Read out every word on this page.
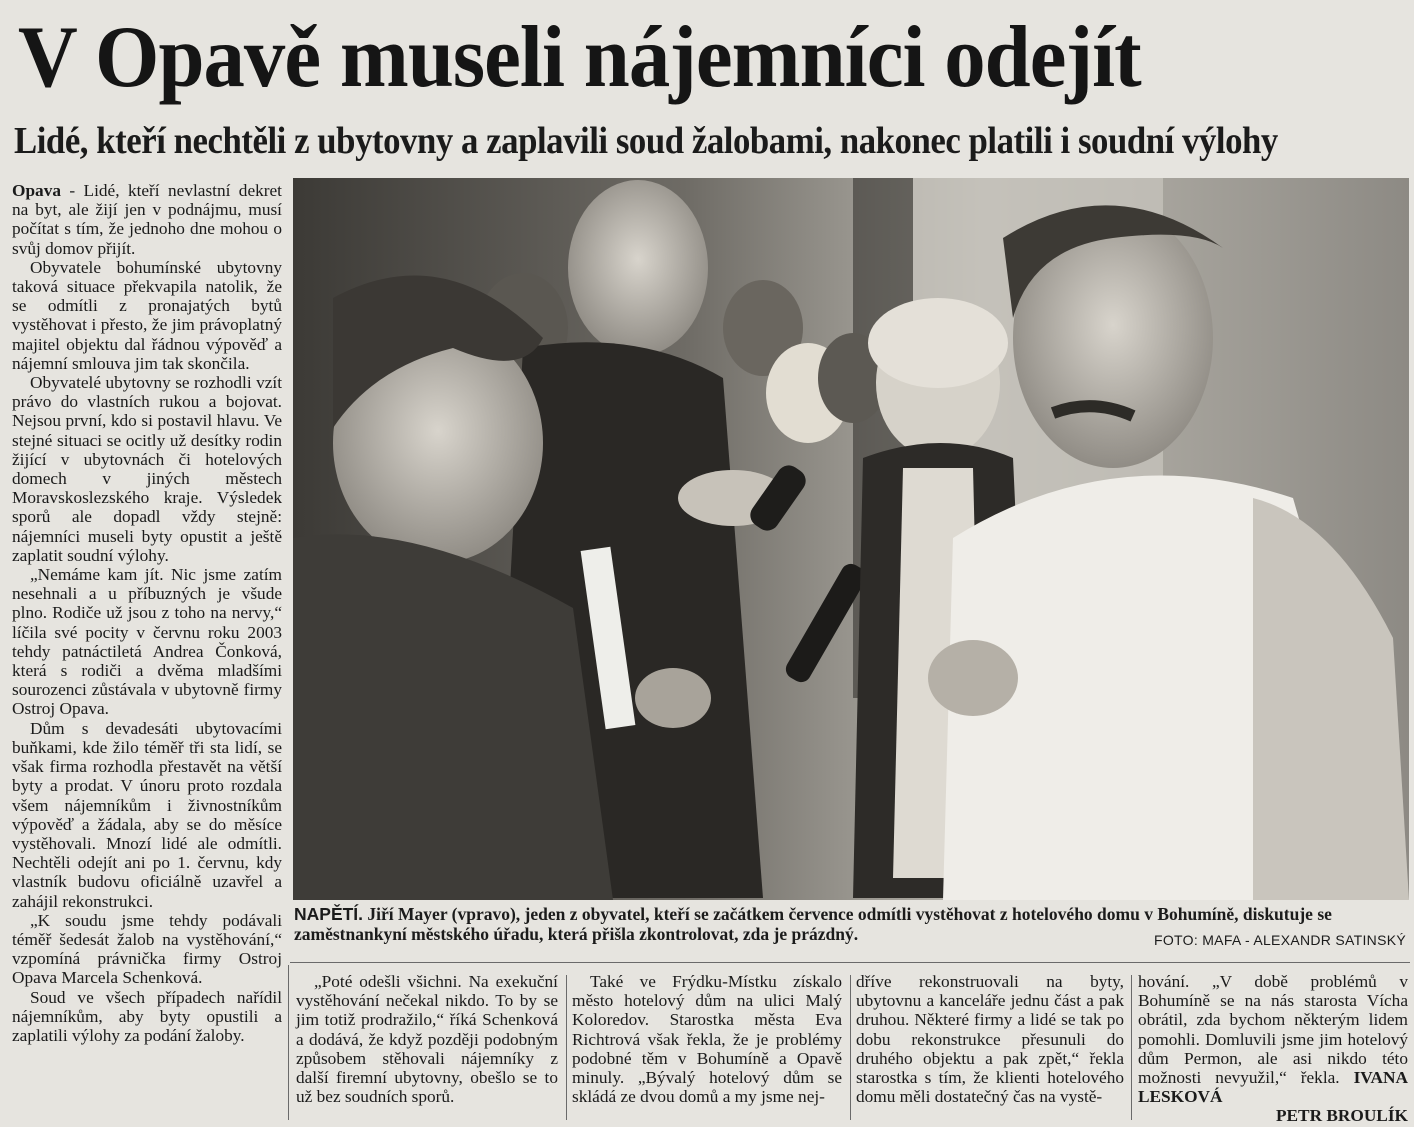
V Opavě museli nájemníci odejít
Lidé, kteří nechtěli z ubytovny a zaplavili soud žalobami, nakonec platili i soudní výlohy

Opava - Lidé, kteří nevlastní dekret na byt, ale žijí jen v podnájmu, musí počítat s tím, že jednoho dne mohou o svůj domov přijít.

Obyvatele bohumínské ubytovny taková situace překvapila natolik, že se odmítli z pronajatých bytů vystěhovat i přesto, že jim právoplatný majitel objektu dal řádnou výpověď a nájemní smlouva jim tak skončila.

Obyvatelé ubytovny se rozhodli vzít právo do vlastních rukou a bojovat. Nejsou první, kdo si postavil hlavu. Ve stejné situaci se ocitly už desítky rodin žijící v ubytovnách či hotelových domech v jiných městech Moravskoslezského kraje. Výsledek sporů ale dopadl vždy stejně: nájemníci museli byty opustit a ještě zaplatit soudní výlohy.

„Nemáme kam jít. Nic jsme zatím nesehnali a u příbuzných je všude plno. Rodiče už jsou z toho na nervy,“ líčila své pocity v červnu roku 2003 tehdy patnáctiletá Andrea Čonková, která s rodiči a dvěma mladšími sourozenci zůstávala v ubytovně firmy Ostroj Opava.

Dům s devadesáti ubytovacími buňkami, kde žilo téměř tři sta lidí, se však firma rozhodla přestavět na větší byty a prodat. V únoru proto rozdala všem nájemníkům i živnostníkům výpověď a žádala, aby se do měsíce vystěhovali. Mnozí lidé ale odmítli. Nechtěli odejít ani po 1. červnu, kdy vlastník budovu oficiálně uzavřel a zahájil rekonstrukci.

„K soudu jsme tehdy podávali téměř šedesát žalob na vystěhování,“ vzpomíná právnička firmy Ostroj Opava Marcela Schenková.

Soud ve všech případech nařídil nájemníkům, aby byty opustili a zaplatili výlohy za podání žaloby.

NAPĚTÍ. Jiří Mayer (vpravo), jeden z obyvatel, kteří se začátkem července odmítli vystěhovat z hotelového domu v Bohumíně, diskutuje se zaměstnankyní městského úřadu, která přišla zkontrolovat, zda je prázdný.	FOTO: MAFA - ALEXANDR SATINSKÝ

„Poté odešli všichni. Na exekuční vystěhování nečekal nikdo. To by se jim totiž prodražilo,“ říká Schenková a dodává, že když později podobným způsobem stěhovali nájemníky z další firemní ubytovny, obešlo se to už bez soudních sporů.

Také ve Frýdku-Místku získalo město hotelový dům na ulici Malý Koloredov. Starostka města Eva Richtrová však řekla, že je problémy podobné těm v Bohumíně a Opavě minuly. „Bývalý hotelový dům se skládá ze dvou domů a my jsme nej-

dříve rekonstruovali na byty, ubytovnu a kanceláře jednu část a pak druhou. Některé firmy a lidé se tak po dobu rekonstrukce přesunuli do druhého objektu a pak zpět,“ řekla starostka s tím, že klienti hotelového domu měli dostatečný čas na vystě-

hování. „V době problémů v Bohumíně se na nás starosta Vícha obrátil, zda bychom některým lidem pomohli. Domluvili jsme jim hotelový dům Permon, ale asi nikdo této možnosti nevyužil,“ řekla. IVANA LESKOVÁ

PETR BROULÍK
